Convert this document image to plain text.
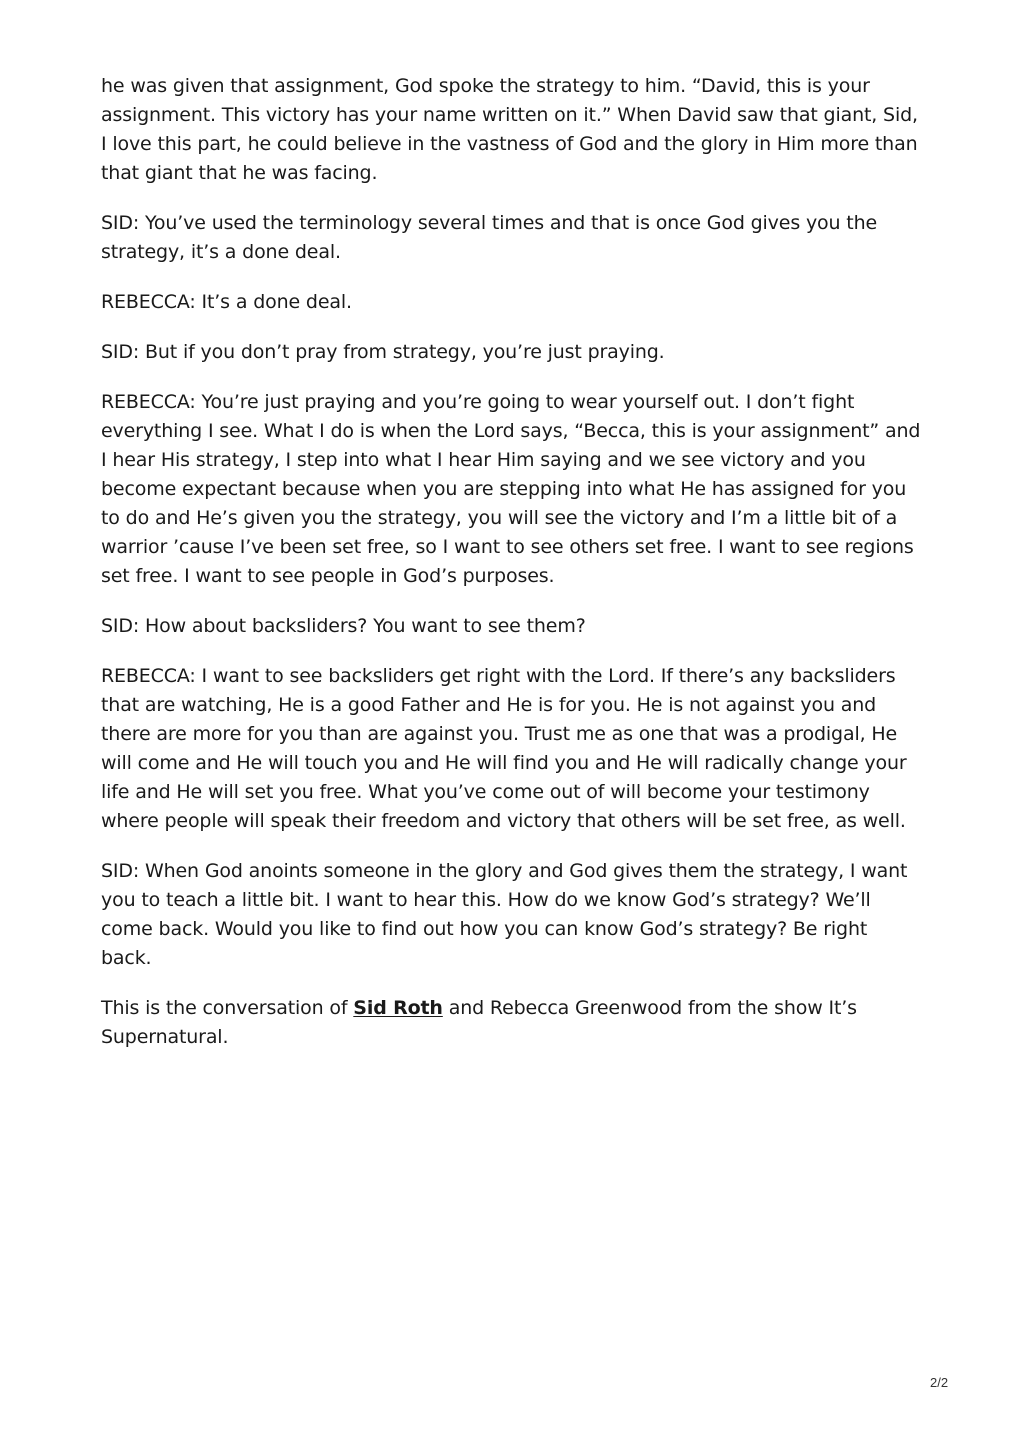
he was given that assignment, God spoke the strategy to him. “David, this is your assignment. This victory has your name written on it.” When David saw that giant, Sid, I love this part, he could believe in the vastness of God and the glory in Him more than that giant that he was facing.

SID: You’ve used the terminology several times and that is once God gives you the strategy, it’s a done deal.

REBECCA: It’s a done deal.

SID: But if you don’t pray from strategy, you’re just praying.

REBECCA: You’re just praying and you’re going to wear yourself out. I don’t fight everything I see. What I do is when the Lord says, “Becca, this is your assignment” and I hear His strategy, I step into what I hear Him saying and we see victory and you become expectant because when you are stepping into what He has assigned for you to do and He’s given you the strategy, you will see the victory and I’m a little bit of a warrior ’cause I’ve been set free, so I want to see others set free. I want to see regions set free. I want to see people in God’s purposes.

SID: How about backsliders? You want to see them?

REBECCA: I want to see backsliders get right with the Lord. If there’s any backsliders that are watching, He is a good Father and He is for you. He is not against you and there are more for you than are against you. Trust me as one that was a prodigal, He will come and He will touch you and He will find you and He will radically change your life and He will set you free. What you’ve come out of will become your testimony where people will speak their freedom and victory that others will be set free, as well.

SID: When God anoints someone in the glory and God gives them the strategy, I want you to teach a little bit. I want to hear this. How do we know God’s strategy? We’ll come back. Would you like to find out how you can know God’s strategy? Be right back.

This is the conversation of Sid Roth and Rebecca Greenwood from the show It’s Supernatural.

2/2
